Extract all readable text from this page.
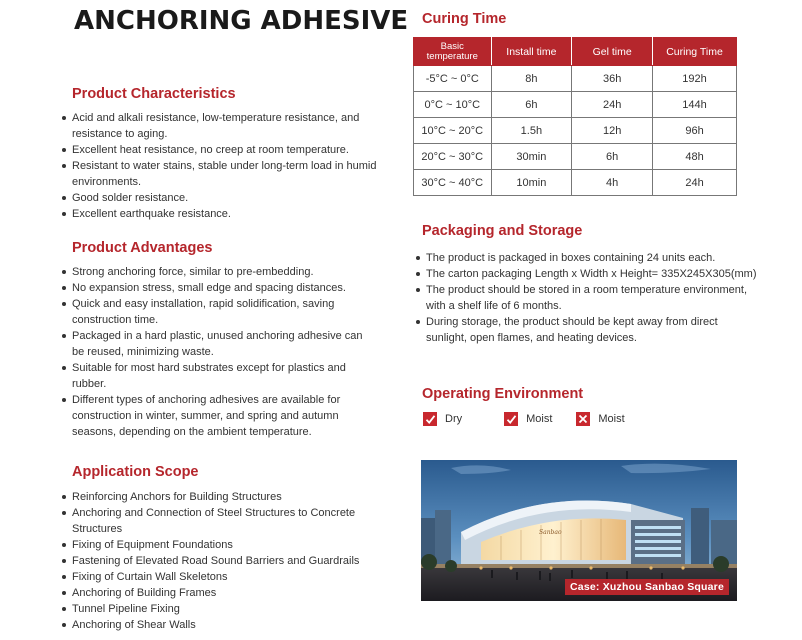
ANCHORING ADHESIVE
Product Characteristics
Acid and alkali resistance, low-temperature resistance, and resistance to aging.
Excellent heat resistance, no creep at room temperature.
Resistant to water stains, stable under long-term load in humid environments.
Good solder resistance.
Excellent earthquake resistance.
Product Advantages
Strong anchoring force, similar to pre-embedding.
No expansion stress, small edge and spacing distances.
Quick and easy installation, rapid solidification, saving construction time.
Packaged in a hard plastic, unused anchoring adhesive can be reused, minimizing waste.
Suitable for most hard substrates except for plastics and rubber.
Different types of anchoring adhesives are available for construction in winter, summer, and spring and autumn seasons, depending on the ambient temperature.
Application Scope
Reinforcing Anchors for Building Structures
Anchoring and Connection of Steel Structures to Concrete Structures
Fixing of Equipment Foundations
Fastening of Elevated Road Sound Barriers and Guardrails
Fixing of Curtain Wall Skeletons
Anchoring of Building Frames
Tunnel Pipeline Fixing
Anchoring of Shear Walls
Curing Time
Basic temperature	Install time	Gel time	Curing Time
-5°C ~ 0°C	8h	36h	192h
0°C ~ 10°C	6h	24h	144h
10°C ~ 20°C	1.5h	12h	96h
20°C ~ 30°C	30min	6h	48h
30°C ~ 40°C	10min	4h	24h
Packaging and Storage
The product is packaged in boxes containing 24 units each.
The carton packaging Length x Width x Height= 335X245X305(mm)
The product should be stored in a room temperature environment, with a shelf life of 6 months.
During storage, the product should be kept away from direct sunlight, open flames, and heating devices.
Operating Environment
Dry	Moist	Moist
Sanbao
Case: Xuzhou Sanbao Square
